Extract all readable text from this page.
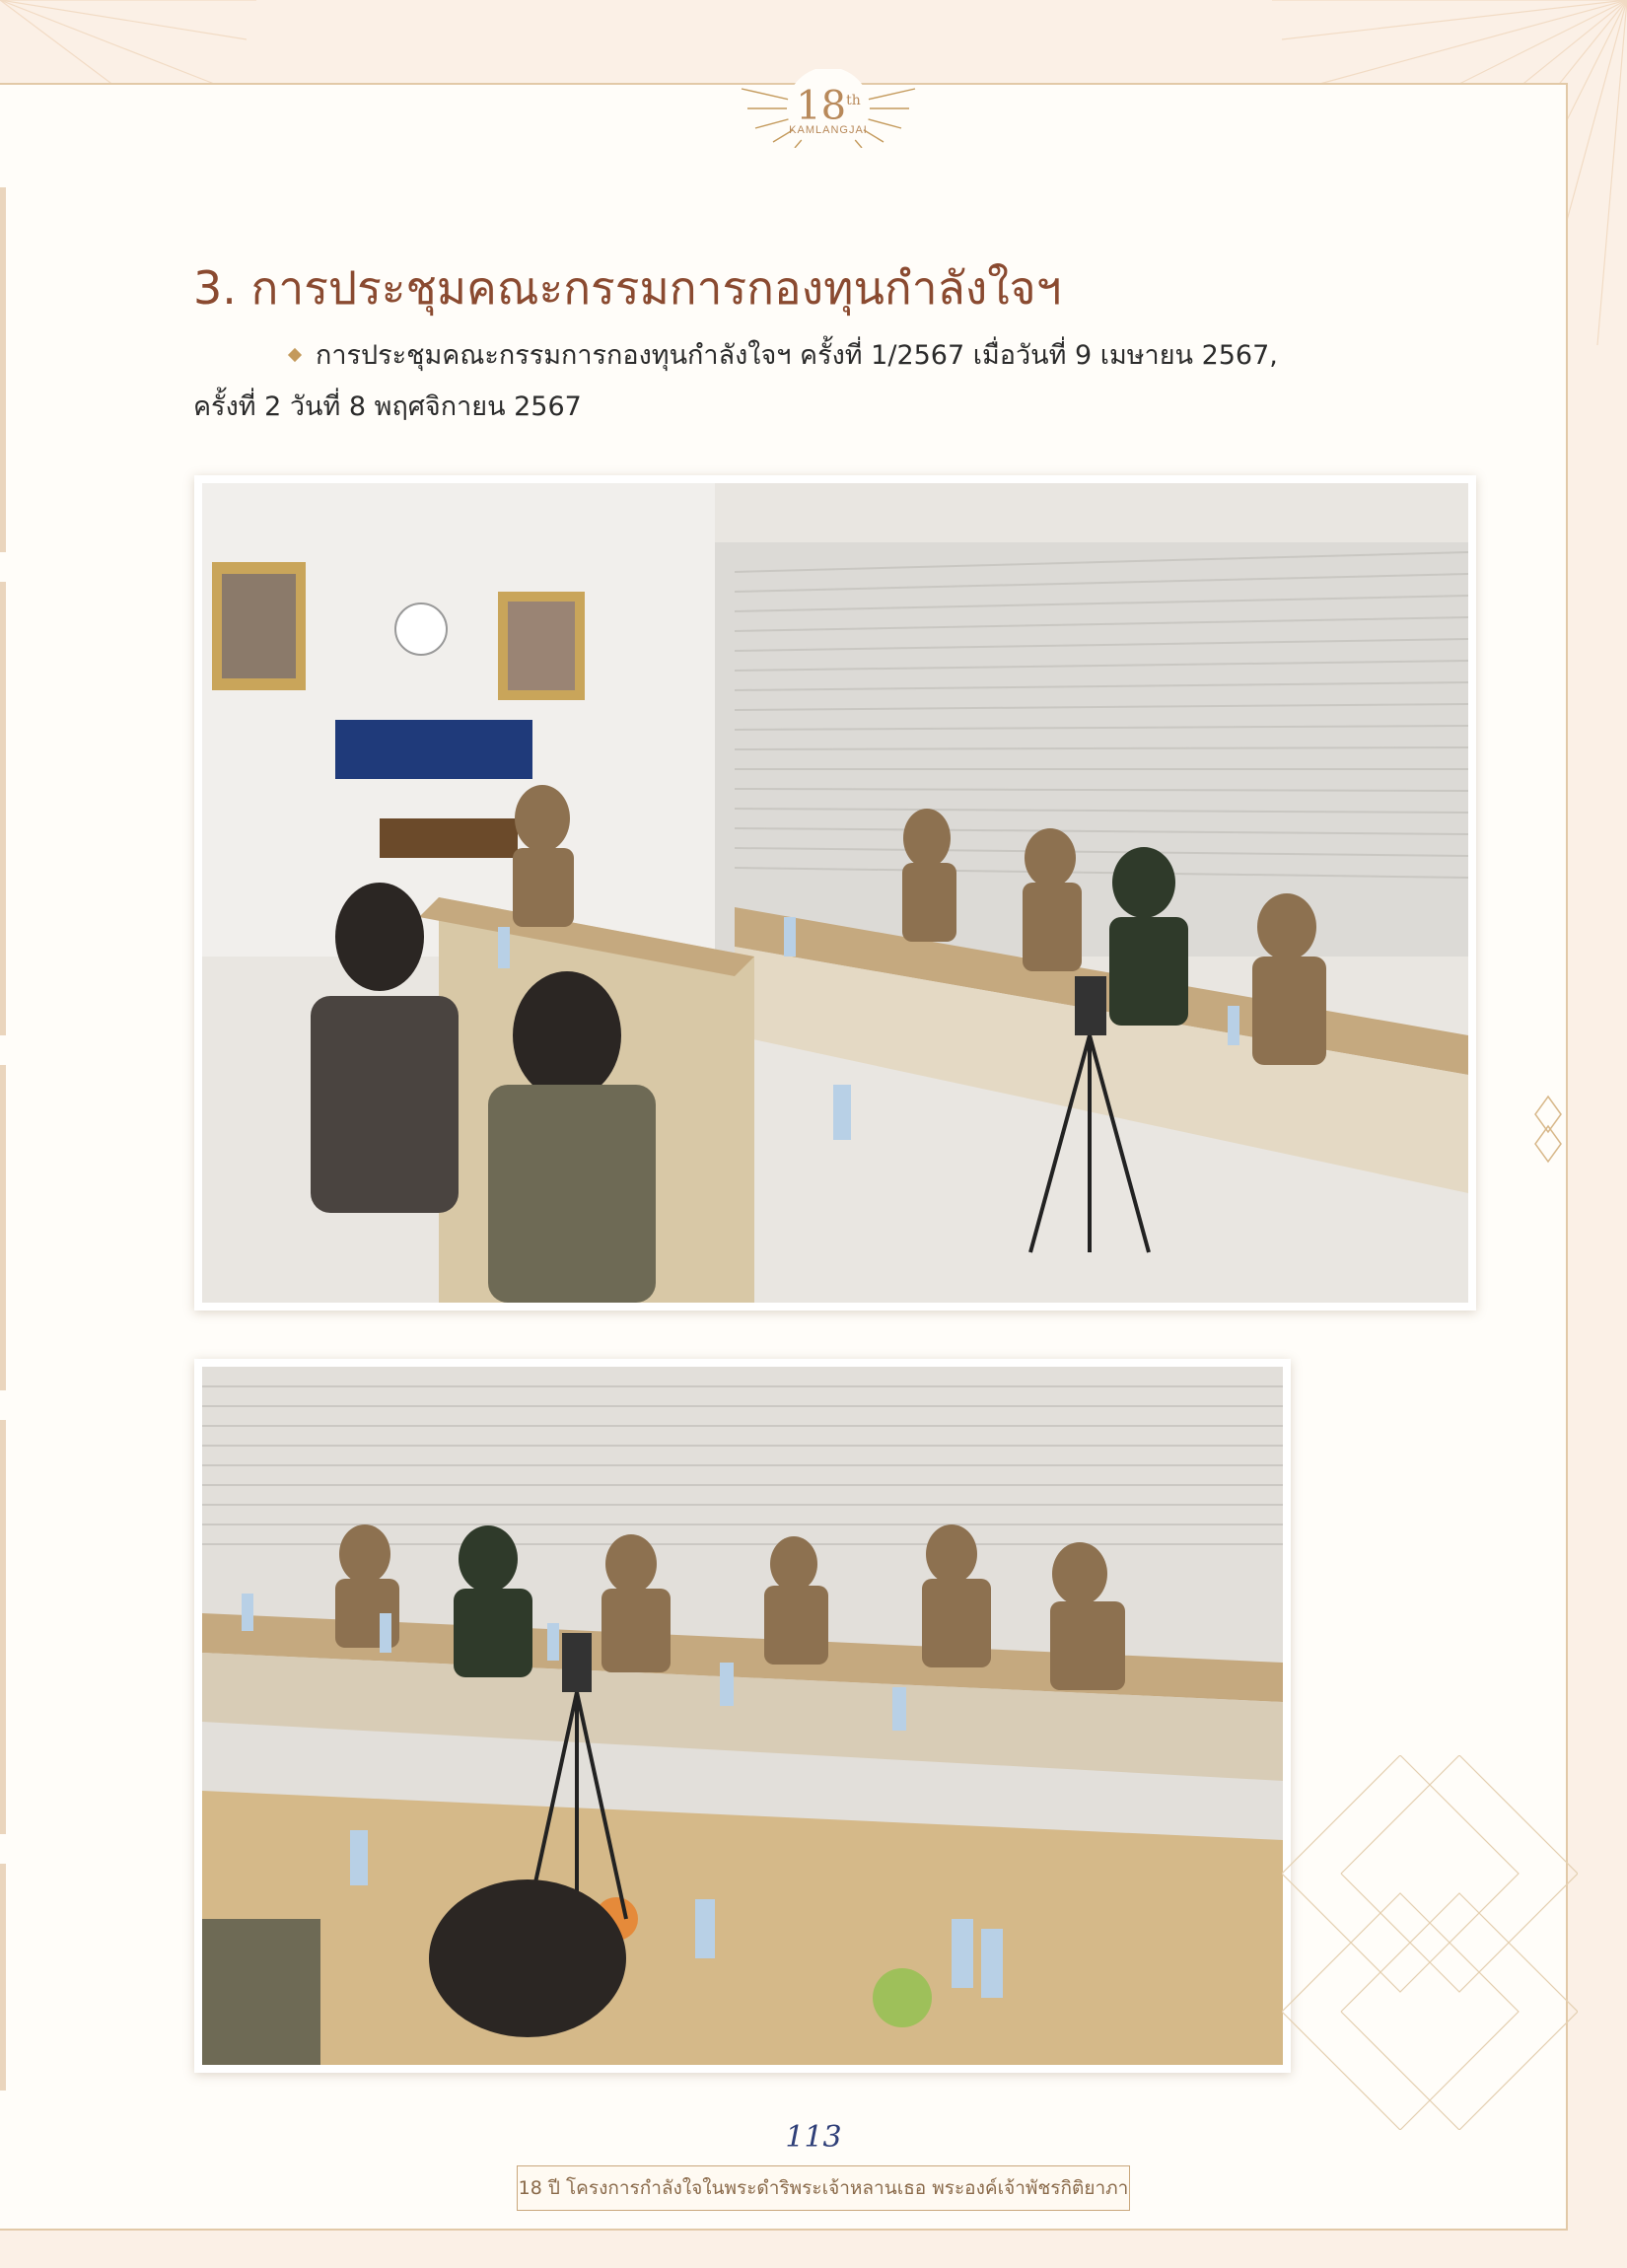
18th
KAMLANGJAI
3. การประชุมคณะกรรมการกองทุนกำลังใจฯ

การประชุมคณะกรรมการกองทุนกำลังใจฯ ครั้งที่ 1/2567 เมื่อวันที่ 9 เมษายน 2567, ครั้งที่ 2 วันที่ 8 พฤศจิกายน 2567

113
18 ปี โครงการกำลังใจในพระดำริพระเจ้าหลานเธอ พระองค์เจ้าพัชรกิติยาภา
